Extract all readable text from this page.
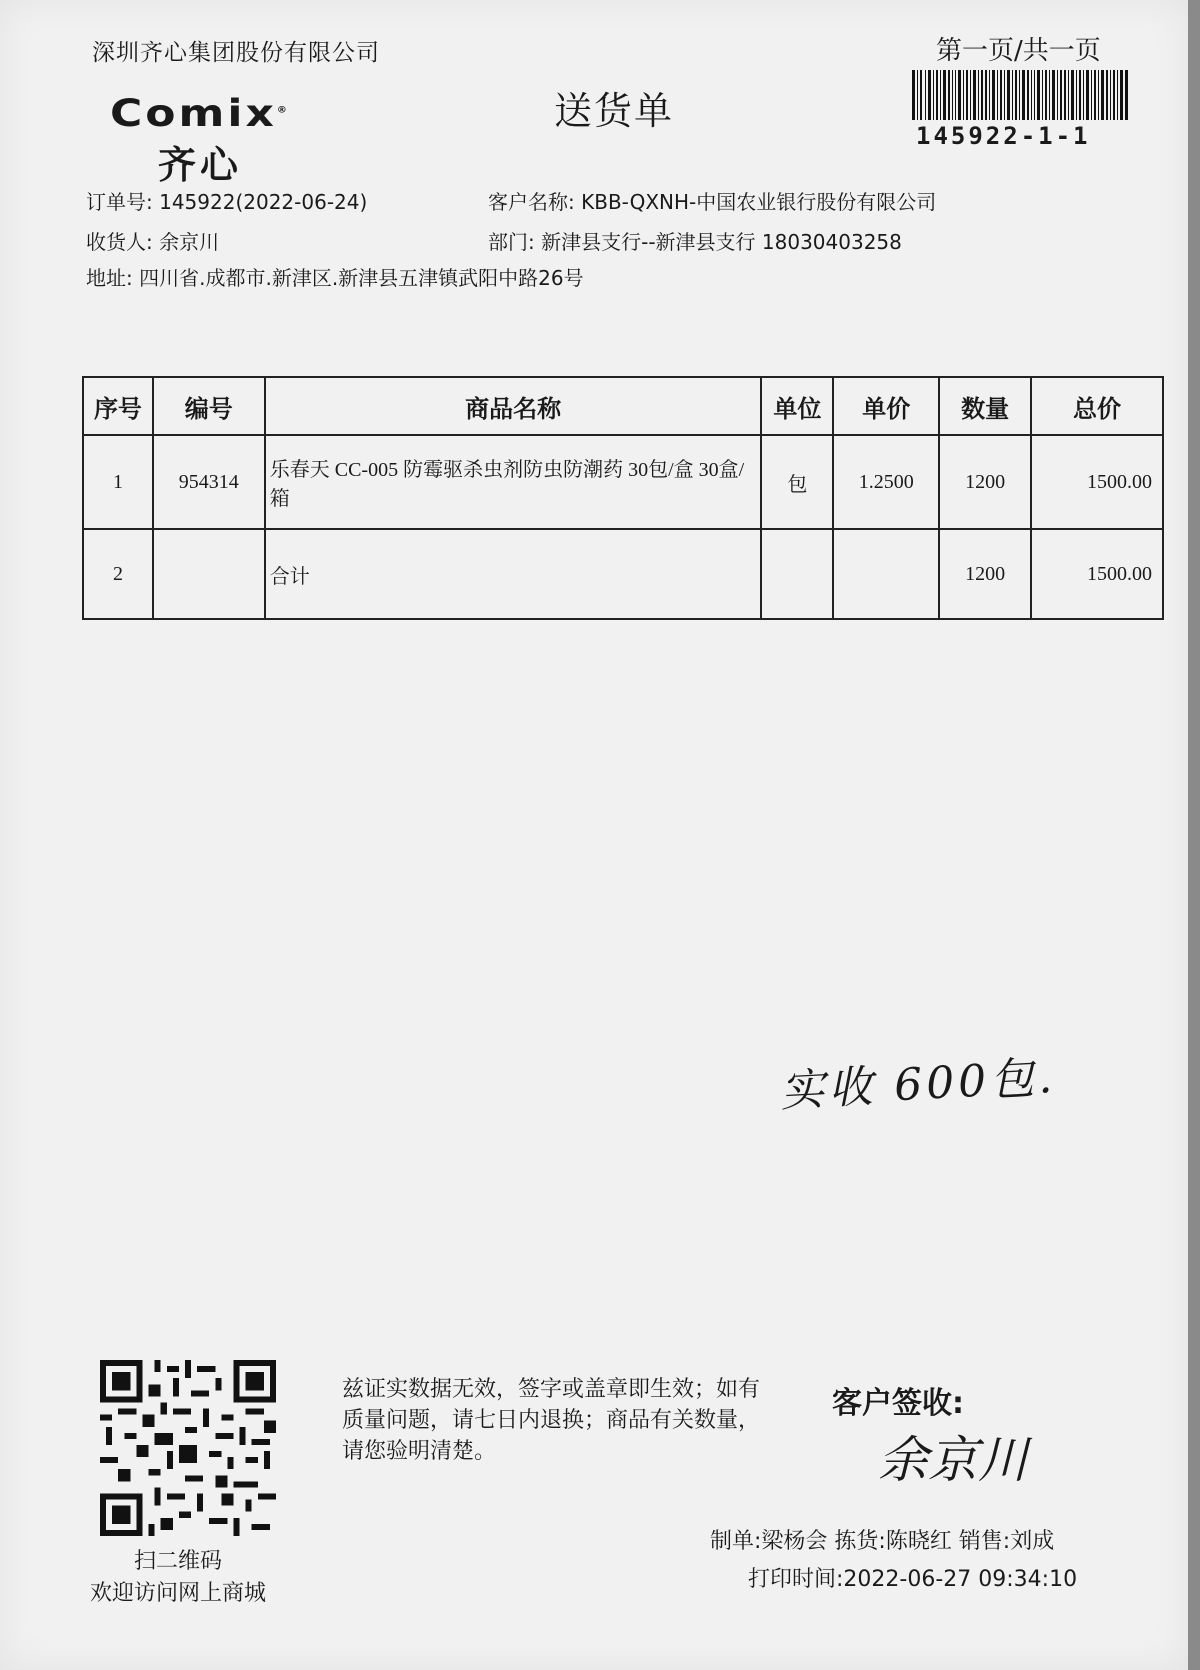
深圳齐心集团股份有限公司
Comix®
齐心
送货单
第一页/共一页
145922-1-1
订单号: 145922(2022-06-24)	客户名称: KBB-QXNH-中国农业银行股份有限公司
收货人: 余京川	部门: 新津县支行--新津县支行 18030403258
地址: 四川省.成都市.新津区.新津县五津镇武阳中路26号
序号	编号	商品名称	单位	单价	数量	总价
1	954314	乐春天 CC-005 防霉驱杀虫剂防虫防潮药 30包/盒 30盒/箱	包	1.2500	1200	1500.00
2		合计			1200	1500.00
实收 600包.
扫二维码
欢迎访问网上商城
兹证实数据无效，签字或盖章即生效；如有质量问题，请七日内退换；商品有关数量，请您验明清楚。
客户签收:
余京川
制单:梁杨会 拣货:陈晓红 销售:刘成
打印时间:2022-06-27 09:34:10
